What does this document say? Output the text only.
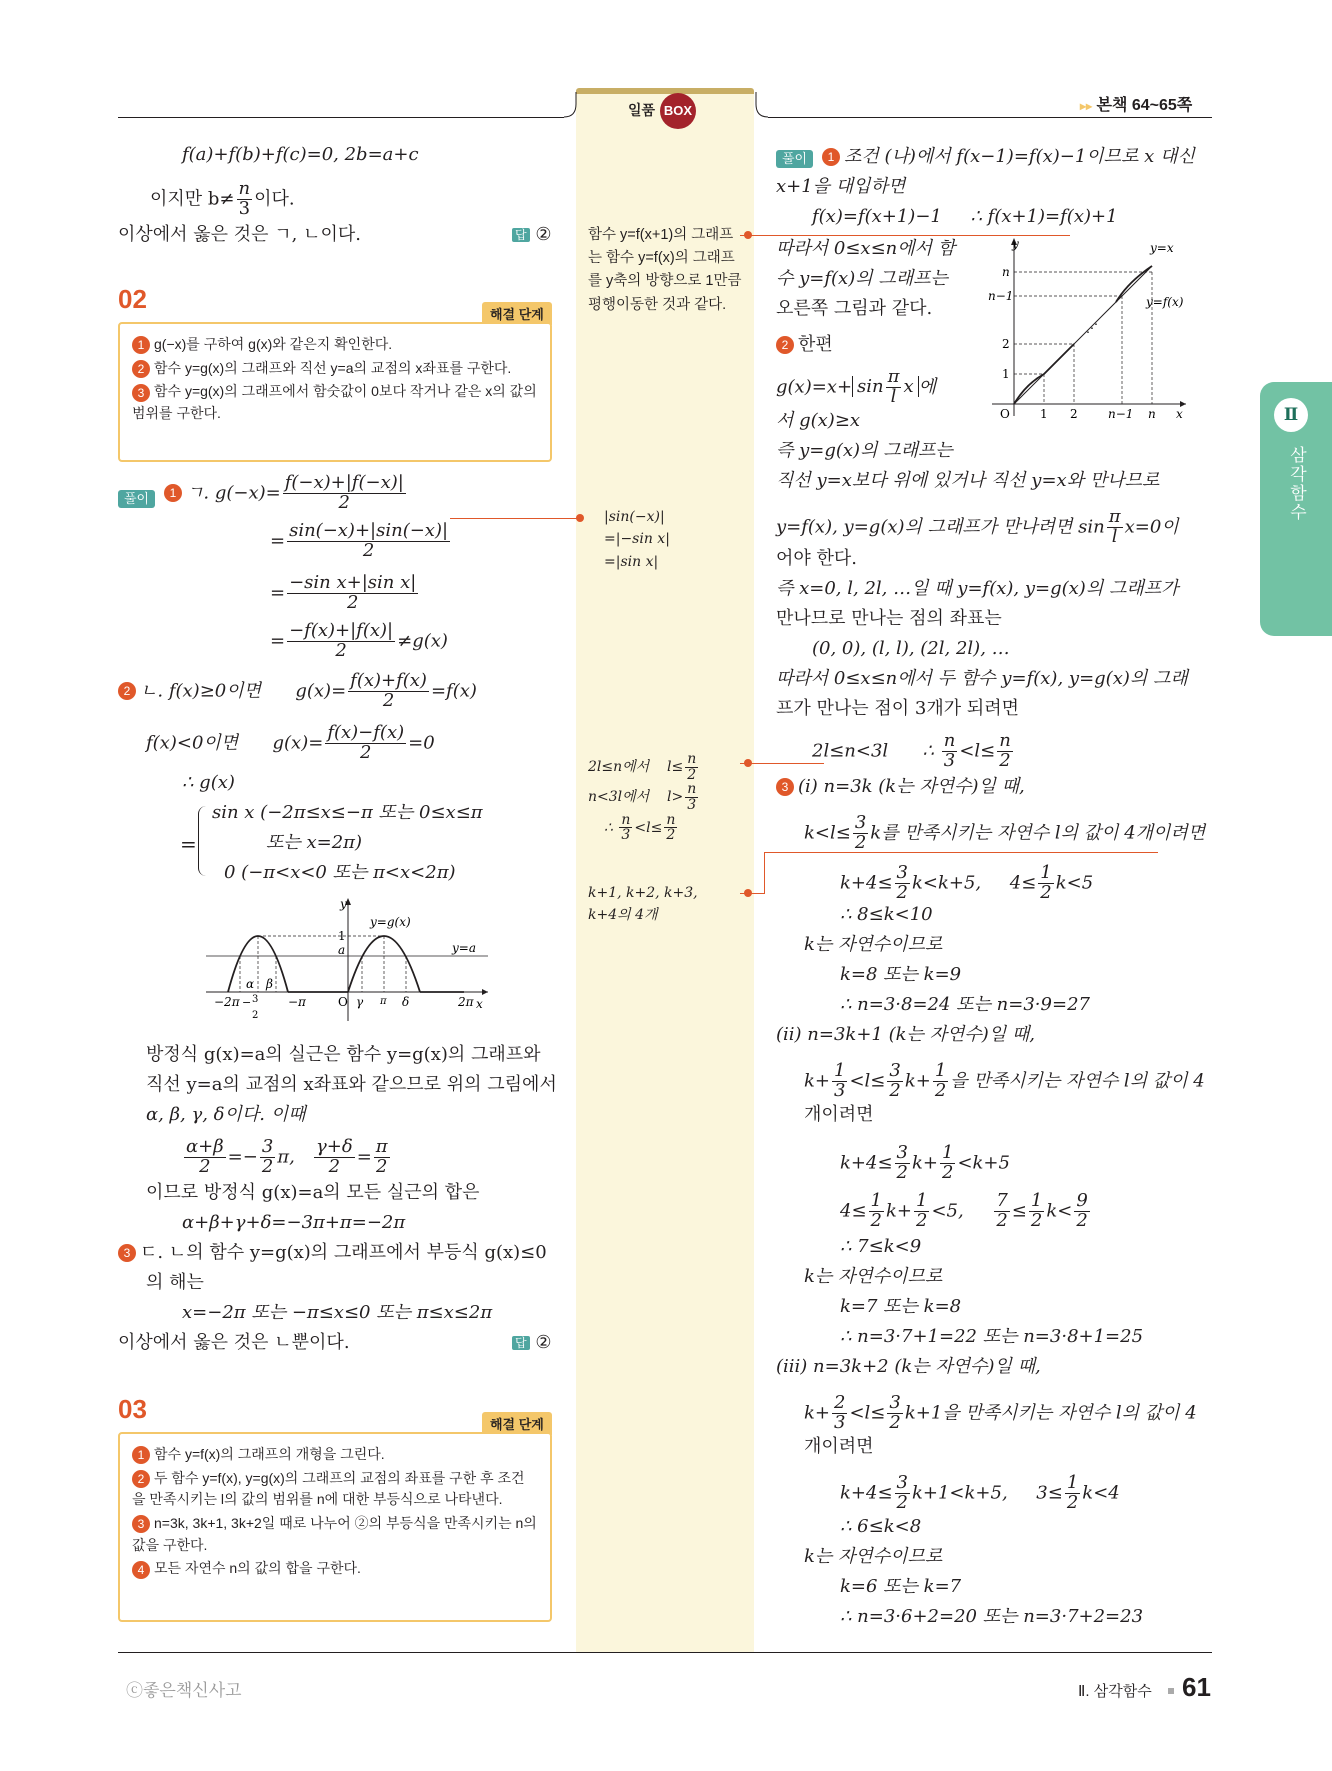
일품 BOX	▸▸ 본책 64~65쪽
Ⅱ
삼각함수
f(a)+f(b)+f(c)=0, 2b=a+c
이지만 $b\ne \frac{n}{3}$ 이다.
이상에서 옳은 것은 ㄱ, ㄴ이다.	답 ②
02
해결 단계
1 g(−x)를 구하여 g(x)와 같은지 확인한다.
2 함수 y=g(x)의 그래프와 직선 y=a의 교점의 x좌표를 구한다.
3 함수 y=g(x)의 그래프에서 함숫값이 0보다 작거나 같은 x의 값의 범위를 구한다.
풀이	1 ㄱ. $g(-x)= \frac{f(-x)+|f(-x)|}{2}$
= $\frac{\sin(-x)+|\sin(-x)|}{2}$
= $\frac{\text{−sin x+|sin x|}}{2}$
= $\frac{-f(x)+|f(x)|}{2} \ne g(x)$
2 ㄴ. f(x)≥0이면 $g(x)= \frac{f(x)+f(x)}{2} =f(x)$
f(x)<0이면 $g(x)= \frac{f(x)-f(x)}{2} =0$
∴ g(x)
=
sin x (−2π≤x≤−π 또는 0≤x≤π
또는 x=2π)
0 (−π<x<0 또는 π<x<2π)
y
x
1
a	y=a
y=g(x)
O
−2π	−π	2π
α β
γ π δ
− 3
2
방정식 g(x)=a의 실근은 함수 y=g(x)의 그래프와
직선 y=a의 교점의 x좌표와 같으므로 위의 그림에서
α, β, γ, δ이다. 이때
$\frac{\alpha+\beta}{2} =- \frac{3}{2} \pi$, $\frac{\gamma+\delta}{2} = \frac{\pi}{2}$
이므로 방정식 g(x)=a의 모든 실근의 합은
α+β+γ+δ=−3π+π=−2π
3 ㄷ. ㄴ의 함수 y=g(x)의 그래프에서 부등식 g(x)≤0
의 해는
x=−2π 또는 −π≤x≤0 또는 π≤x≤2π
이상에서 옳은 것은 ㄴ뿐이다.	답 ②
03
해결 단계
1 함수 y=f(x)의 그래프의 개형을 그린다.
2 두 함수 y=f(x), y=g(x)의 그래프의 교점의 좌표를 구한 후 조건을 만족시키는 l의 값의 범위를 n에 대한 부등식으로 나타낸다.
3 n=3k, 3k+1, 3k+2일 때로 나누어 ②의 부등식을 만족시키는 n의 값을 구한다.
4 모든 자연수 n의 값의 합을 구한다.
함수 y=f(x+1)의 그래프는 함수 y=f(x)의 그래프를 y축의 방향으로 1만큼 평행이동한 것과 같다.
|sin(−x)|
=|−sin x|
=|sin x|
2l≤n에서 $l\le \frac{n}{2}$
n<3l에서 $l> \frac{n}{3}$
∴ $\frac{n}{3} <l\le \frac{n}{2}$
k+1, k+2, k+3,
k+4의 4개
풀이	1 조건 (나)에서 f(x−1)=f(x)−1이므로 x 대신
x+1을 대입하면
f(x)=f(x+1)−1 ∴ f(x+1)=f(x)+1
따라서 0≤x≤n에서 함
수 y=f(x)의 그래프는
오른쪽 그림과 같다.
2 한편
$g(x)=x+ \sin \frac{\pi}{l}$ x 에
서 g(x)≥x
즉 y=g(x)의 그래프는
y
x
O
n
n−1
2
1
1 2	n−1 n
y=x
y=f(x)
⋰
직선 y=x보다 위에 있거나 직선 y=x와 만나므로
y=f(x), y=g(x)의 그래프가 만나려면 $\sin \frac{\pi}{l} x=0$이
어야 한다.
즉 x=0, l, 2l, …일 때 y=f(x), y=g(x)의 그래프가
만나므로 만나는 점의 좌표는
(0, 0), (l, l), (2l, 2l), …
따라서 0≤x≤n에서 두 함수 y=f(x), y=g(x)의 그래
프가 만나는 점이 3개가 되려면
2l≤n<3l ∴ $\frac{n}{3} <l\le \frac{n}{2}$
3 (ⅰ) n=3k (k는 자연수)일 때,
$k<l\le \frac{3}{2}$ k를 만족시키는 자연수 l의 값이 4개이려면
$k+4\le \frac{3}{2} k<k+5$, $4\le \frac{1}{2} k<5$
∴ 8≤k<10
k는 자연수이므로
k=8 또는 k=9
∴ n=3·8=24 또는 n=3·9=27
(ⅱ) n=3k+1 (k는 자연수)일 때,
$k+ \frac{1}{3} <l\le \frac{3}{2} k+ \frac{1}{2}$ 을 만족시키는 자연수 l의 값이 4
개이려면
$k+4\le \frac{3}{2} k+ \frac{1}{2} <k+5$
$4\le \frac{1}{2} k+ \frac{1}{2} <5$, $\frac{7}{2} \le \frac{1}{2} k< \frac{9}{2}$
∴ 7≤k<9
k는 자연수이므로
k=7 또는 k=8
∴ n=3·7+1=22 또는 n=3·8+1=25
(ⅲ) n=3k+2 (k는 자연수)일 때,
$k+ \frac{2}{3} <l\le \frac{3}{2} k+1$을 만족시키는 자연수 l의 값이 4
개이려면
$k+4\le \frac{3}{2} k+1<k+5$, $3\le \frac{1}{2} k<4$
∴ 6≤k<8
k는 자연수이므로
k=6 또는 k=7
∴ n=3·6+2=20 또는 n=3·7+2=23
ⓒ좋은책신사고	Ⅱ. 삼각함수 61
